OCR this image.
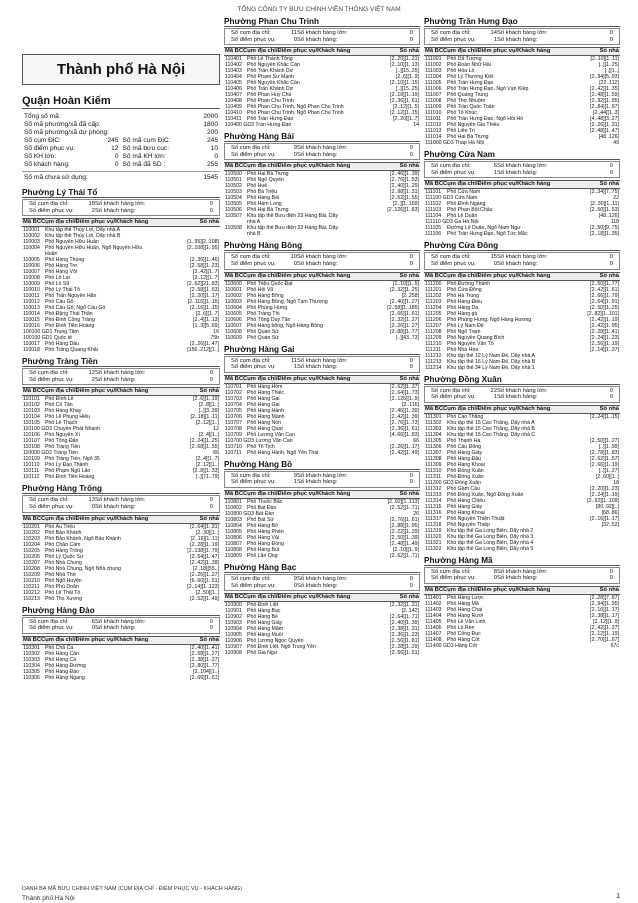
TỔNG CÔNG TY BƯU CHÍNH VIỄN THÔNG VIỆT NAM
Thành phố Hà Nội
Quận Hoàn Kiếm
Tổng số mã:			2000
Số mã phường/xã đã cấp:			1800
Số mã phường/xã dự phòng:			200
Số cụm ĐịC:	245	Số mã cụm ĐịC:	245
Số điểm phục vụ:	12	Số mã bưu cục:	10
Số KH lớn:	0	Số mã KH lớn:	0
Số khách hàng:	0	Số mã đã SD :	255
Số mã chưa sử dụng:	1545
Phường Lý Thái Tổ
Số cụm địa chỉ:	18 Số khách hàng lớn:	0
Số điểm phục vụ:	2 Số khách hàng:	0
Mã BCCụm địa chỉ/Điểm phục vụ/Khách hàng	Số nhà
110001 Khu tập thể Thủy Lợi, Dãy nhà A
110002 Khu tập thể Thủy Lợi, Dãy nhà B
110003 Phố Nguyễn Hữu Huân	[1..95][2..108]
110004 Phố Nguyễn Hữu Huân, Ngõ Nguyễn Hữu	[2..108][1..95]
Huân
110005 Phố Hàng Thùng	[2..36][1..46]
110006 Phố Hàng Tre	[2..58][1..23]
110007 Phố Hàng Vôi	[2..42][1..7]
110008 Phố Lò Lai	[2..12][1..7]
110009 Phố Lò Sũ	[2..62][21..83]
110010 Phố Lý Thái Tổ	[2..58][1..63]
110011	Phố Trần Nguyên Hãn	[2..20][1..17]
110012 Phố Cầu Gỗ	[2..116][1..15]
110013 Phố Cầu Gỗ, Ngõ Cầu Gỗ	[2..16][1..15]
110014 Phố Đặng Thái Thân	[2..6][1..7]
110015 Phố Đinh Công Tráng	[2..4][1..13]
110016 Phố Đinh Tiên Hoàng	[1..3][5..69]
100100 GD1 Trung Tâm	16
100100 GD1 Quốc tế	75b
110017 Phố Hàng Dầu	[2..26][1..47]
110018 Phố Tràng Quang Khải	[156..212][1..]
Phường Tràng Tiền
Số cụm địa chỉ:	12 Số khách hàng lớn:	0
Số điểm phục vụ:	2 Số khách hàng:	0
Mã BCCụm địa chỉ/Điểm phục vụ/Khách hàng	Số nhà
110101 Phố Đinh Lễ	[2..6][1..19]
110102 Phố Cổ Tân	[2..8][1..]
110103 Phố Hàng Khay	[..][3..39]
110104 Phố Lê Phụng Hiểu	[2..18][1..11]
110105 Phố Lê Thạch	[2..12][1..]
110100 GD3 Chuyển Phát Nhanh	12
110106 Phố Nguyễn Xí	[2..4][1..]
110107 Phố Tông Đản	[2..24][1..25]
110108 Phố Tràng Tiền	[2..68][1..55]
110000 GD2 Tràng Tiền	66
110109 Phố Tràng Tiền, Ngõ 35	[2..4][1..7]
110110	Phố Lý Đạo Thành	[2..12][1..]
110111	Phố Phạm Ngũ Lão	[2..8][1..33]
110112	Phố Đinh Tiên Hoàng	[..][71..79]
Phường Hàng Trống
Số cụm địa chỉ:	13 Số khách hàng lớn:	0
Số điểm phục vụ:	0 Số khách hàng:	0
Mã BCCụm địa chỉ/Điểm phục vụ/Khách hàng	Số nhà
110201 Phố Ấu Triệu	[2..64][1..31]
110202 Phố Bảo Khánh	[2..30][1..]
110203 Phố Bảo Khánh, Ngõ Bảo Khánh	[2..16][1..11]
110204 Phố Chân Cầm	[2..28][1..19]
110205 Phố Hàng Trống	[2..138][1..79]
110206 Phố Lý Quốc Sư	[2..54][1..47]
110207 Phố Nhà Chung	[2..42][1..39]
110208 Phố Nhà Chung, Ngõ Nhà chung	[2..18][55..]
110209 Phố Nhà Thờ	[2..26][1..27]
110210 Phố Ngõ Huyện	[6..60][1..51]
110211	Phố Phủ Doãn	[2..14][1..123]
110212 Phố Lê Thái Tổ	[2..50][1..]
110213 Phố Thọ Xương	[2..52][1..49]
Phường Hàng Đào
Số cụm địa chỉ:	6 Số khách hàng lớn:	0
Số điểm phục vụ:	0 Số khách hàng:	0
Mã BCCụm địa chỉ/Điểm phục vụ/Khách hàng	Số nhà
110301 Phố Chả Cá	[2..40][1..41]
110302 Phố Hàng Cân	[2..58][1..27]
110303 Phố Hàng Cá	[2..38][1..27]
110304 Phố Hàng Đường	[2..80][1..77]
110305 Phố Hàng Đào	[2..104][1..]
110306 Phố Hàng Ngang	[2..66][1..61]
Phường Phan Chu Trinh
Số cụm địa chỉ:	11 Số khách hàng lớn:	0
Số điểm phục vụ:	0 Số khách hàng:	0
Mã BCCụm địa chỉ/Điểm phục vụ/Khách hàng	Số nhà
110401 Phố Lê Thánh Tông	[2..20][1..31]
110402 Phố Nguyễn Khắc Cần	[2..10][1..13]
110403 Phố Trần Khánh Dư	[..][15..25]
110404 Phố Phạm Sư Mạnh	[2..6][1..9]
110405 Phố Nguyễn Khắc Cần	[2..10][1..15]
110406 Phố Trần Khánh Dư	[..][15..25]
110407 Phố Phan Huy Chú	[2..18][1..19]
110408 Phố Phan Chu Trinh	[2..36][1..61]
110409 Phố Phan Chu Trinh, Ngõ Phan Chu Trinh	[2..12][1..5]
110410 Phố Phan Chu Trinh, Ngõ Phan Chu Trinh	[2..12][1..15]
110411	Phố Trần Hưng Đạo	[2..20][1..7]
110400 GD3 Trần Hưng Đạo	14
Phường Hàng Bài
Số cụm địa chỉ:	9 Số khách hàng lớn:	0
Số điểm phục vụ:	0 Số khách hàng:	0
Mã BCCụm địa chỉ/Điểm phục vụ/Khách hàng	Số nhà
110500 Phố Hai Bà Trưng	[2..46][1..39]
110501 Phố Ngô Quyền	[2..76][1..53]
110502 Phố Huế	[2..40][1..29]
110503 Phố Bà Triệu	[2..98][1..31]
110504 Phố Hàng Bài	[2..52][1..55]
110505 Phố Hàm Long	[2..][1..169]
110506 Phố Hai Bà Trưng	[2..126][1..83]
110507 Khu tập thể Bưu điện 23 Hàng Bài, Dãy
nhà A
110508 Khu tập thể Bưu điện 23 Hàng Bài, Dãy
nhà B
Phường Hàng Bông
Số cụm địa chỉ:	10 Số khách hàng lớn:	0
Số điểm phục vụ:	0 Số khách hàng:	0
Mã BCCụm địa chỉ/Điểm phục vụ/Khách hàng	Số nhà
110600 Phố Triệu Quốc Đạt	[2..10][1..5]
110601 Phố Hội Vũ	[2..32][1..25]
110602 Phố Hàng Bông	[2..258]
110603 Phố Hàng Bông, Ngõ Tạm Thương	[2..40][1..27]
110604 Phố Phùng Hưng	[2..58][1..185]
110605 Phố Tràng Thi	[2..66][1..61]
110606 Phố Tông Duy Tân	[2..32][1..27]
110607 Phố Hàng bông, Ngõ Hàng Bông	[2..26][1..27]
110608 Phố Quán Sứ	[2..88][1..77]
110609 Phố Quán Sứ	[..][43..73]
Phường Hàng Gai
Số cụm địa chỉ:	11 Số khách hàng lớn:	0
Số điểm phục vụ:	1 Số khách hàng:	0
Mã BCCụm địa chỉ/Điểm phục vụ/Khách hàng	Số nhà
110701 Phố Hàng Hòm	[2..62][1..37]
110702 Phố Hàng Thiếc	[2..64][1..73]
110703 Phố Hàng Gai	[2..125][1..9]
110704 Phố Hàng Gai	[2..116]
110705 Phố Hàng Hành	[2..46][1..39]
110706 Phố Hàng Mành	[2..42][1..39]
110707 Phố Hàng Nón	[2..76][1..73]
110708 Phố Hàng Quạt	[2..36][1..61]
110709 Phố Lương Văn Can	[4..66][1..83]
110700 GD3 Lương Văn Can	66
110710 Phố Tô Tịch	[2..26][1..17]
110711	Phố Hàng Hành, Ngõ Yên Thái	[2..42][1..49]
Phường Hàng Bồ
Số cụm địa chỉ:	9 Số khách hàng lớn:	0
Số điểm phục vụ:	1 Số khách hàng:	0
Mã BCCụm địa chỉ/Điểm phục vụ/Khách hàng	Số nhà
110801 Phố Thuốc Bắc	[2..92][1..113]
110802 Phố Bát Đàn	[2..52][1..71]
110800 GD3 Bát Đàn	26
110803 Phố Bát Sứ	[2..76][1..61]
110804 Phố Hàng Bồ	[2..88][1..95]
110805 Phố Hàng Phèn	[2..22][1..29]
110806 Phố Hàng Vải	[2..50][1..39]
110807 Phố Hàng Đồng	[2..48][1..49]
110808 Phố Hàng Bút	[2..10][1..9]
110809 Phố Lãn Ông	[2..62][1..71]
Phường Hàng Bạc
Số cụm địa chỉ:	9 Số khách hàng lớn:	0
Số điểm phục vụ:	0 Số khách hàng:	0
Mã BCCụm địa chỉ/Điểm phục vụ/Khách hàng	Số nhà
110900 Phố Đinh Liệt	[2..32][1..31]
110901 Phố Hàng Bạc	[2..142]
110902 Phố Hàng Bè	[2..64][1..71]
110903 Phố Hàng Giầy	[2..40][1..39]
110904 Phố Hàng Mắm	[2..38][1..31]
110905 Phố Hàng Muối	[2..36][1..23]
110906 Phố Lương Ngọc Quyến	[2..56][1..81]
110907 Phố Đinh Liệt, Ngõ Trung Yên	[2..28][1..29]
110908 Phố Gia Ngư	[2..56][1..51]
Phường Trần Hưng Đạo
Số cụm địa chỉ:	14 Số khách hàng lớn:	0
Số điểm phục vụ:	1 Số khách hàng:	0
Mã BCCụm địa chỉ/Điểm phục vụ/Khách hàng	Số nhà
111001	Phố Dã Tượng	[2..10][1..11]
111002	Phố Đoàn Nhữ Hài	[..][1..25]
111003	Phố Hỏa Lò	[..][1..]
111004	Phố Lý Thường Kiệt	[2..94][5..93]
111005	Phố Trần Hưng Đạo	[22..112]
111006	Phố Trần Hưng Đạo, Ngõ Vạn Kiếp	[2..42][1..35]
111007	Phố Quang Trung	[2..48][1..59]
111008	Phố Thợ Nhuộm	[2..92][1..95]
111009	Phố Trần Quốc Toản	[2..84][1..97]
111010	Phố Tố Khúc	[2..44][1..3]
111011	Phố Trần Hưng Đạo, Ngõ Hồi Hồ	[4..48][3..27]
111012	Phố Nguyễn Gia Thiều	[2..26][1..31]
111013	Phố Liên Trì	[2..48][1..47]
111014	Phố Hai Bà Trưng	[48..126]
111000 GD3 Tháp Hà Nội	49
Phường Cửa Nam
Số cụm địa chỉ:	6 Số khách hàng lớn:	0
Số điểm phục vụ:	1 Số khách hàng:	0
Mã BCCụm địa chỉ/Điểm phục vụ/Khách hàng	Số nhà
111101	Phố Cửa Nam	[2..34][7..75]
111100 GD3 Cửa Nam	22
111102	Phố Đình Ngang	[2..30][1..11]
111103	Phố Phan Bội Châu	[2..50][1..53]
111104	Phố Lê Duẩn	[48..126]
111110 GD3 Ga Hà Nội	118
111105	Đường Lê Duẩn, Ngõ Nam Ngư	[2..50][9..75]
111106	Phố Trần Hưng Đạo, Ngõ Tức Mặc	[2..18][1..35]
Phường Cửa Đông
Số cụm địa chỉ:	15 Số khách hàng lớn:	0
Số điểm phục vụ:	0 Số khách hàng:	0
Mã BCCụm địa chỉ/Điểm phục vụ/Khách hàng	Số nhà
111200	Phố Đường Thành	[2..50][1..77]
111201	Phố Cửa Đông	[2..42][1..61]
111202	Phố Hà Trung	[2..66][1..79]
111203	Phố Hàng Điếu	[2..64][1..91]
111204	Phố Hàng Da	[2..50][1..25]
111205	Phố Hàng gà	[2..82][1..101]
111206	Phố Phùng Hưng, Ngõ Hàng Hương	[2..42][1..19]
111207	Phố Lý Nam Đế	[2..42][1..95]
111208	Phố Ngõ Trạm	[2..28][1..41]
111209	Phố Nguyễn Quang Bích	[2..24][1..23]
111210	Phố Nguyễn Văn Tố	[2..56][1..19]
111211	Phố Nhà Hỏa	[2..14][1..37]
111212	Khu tập thể 12 Lý Nam Đế, Dãy nhà A
111213	Khu tập thể 16 Lý Nam Đế, Dãy nhà B
111214	Khu tập thể 34 Lý Nam Đế, Dãy nhà 1
Phường Đồng Xuân
Số cụm địa chỉ:	22 Số khách hàng lớn:	0
Số điểm phục vụ:	1 Số khách hàng:	0
Mã BCCụm địa chỉ/Điểm phục vụ/Khách hàng	Số nhà
111301	Phố Cao Thắng	[2..24][1..15]
111302	Khu tập thể 15 Cao Thắng, Dãy nhà A
111303	Khu tập thể 15 Cao Thắng, Dãy nhà B
111304	Khu tập thể 15 Cao Thắng, Dãy nhà C
111305	Phố Thanh Hà	[2..50][1..27]
111306	Phố Cầu Đông	[..][1..99]
111307	Phố Hàng Giấy	[2..78][1..83]
111308	Phố Hàng Đậu	[2..62][1..57]
111309	Phố Hàng Khoai	[2..66][1..19]
111310	Phố Đồng Xuân	[..][1..27]
111311	Phố Đồng Xuân	[2..60][1..]
111300 GD3 Đồng Xuân	18
111312	Phố Gầm Cầu	[2..20][1..23]
111313	Phố Đồng Xuân, Ngõ Đồng Xuân	[2..24][1..19]
111314	Phố Hàng Chiếu	[2..92][1..109]
111315	Phố Hàng Giấy	[80..92][..]
111316	Phố Hàng Khoai	[68..86]
111317	Phố Nguyễn Thiện Thuật	[2..16][1..17]
111318	Phố Nguyễn Thiếp	[32..52]
111319	Khu tập thể Ga Long Biên, Dãy nhà 2
111320	Khu tập thể Ga Long Biên, Dãy nhà 3
111321	Khu tập thể Ga Long Biên, Dãy nhà 4
111322	Khu tập thể Ga Long Biên, Dãy nhà 5
Phường Hàng Mã
Số cụm địa chỉ:	8 Số khách hàng lớn:	0
Số điểm phục vụ:	0 Số khách hàng:	0
Mã BCCụm địa chỉ/Điểm phục vụ/Khách hàng	Số nhà
111401	Phố Hàng Lược	[2..28][7..87]
111402	Phố Hàng Mã	[2..94][1..95]
111403	Phố Hàng Chai	[2..16][1..17]
111404	Phố Hàng Rươi	[2..38][1..17]
111405	Phố Lê Văn Linh	[2..12][1..9]
111406	Phố Lò Rèn	[2..42][1..27]
111407	Phố Cổng Đục	[2..12][1..19]
111408	Phố Hàng Cót	[2..70][1..67]
111400 GD3 Hàng Cót	67c
DANH BẠ MÃ BƯU CHÍNH VIỆT NAM (CỤM ĐỊA CHỈ - ĐIỂM PHỤC VỤ - KHÁCH HÀNG)
Thành phố Hà Nội	1
